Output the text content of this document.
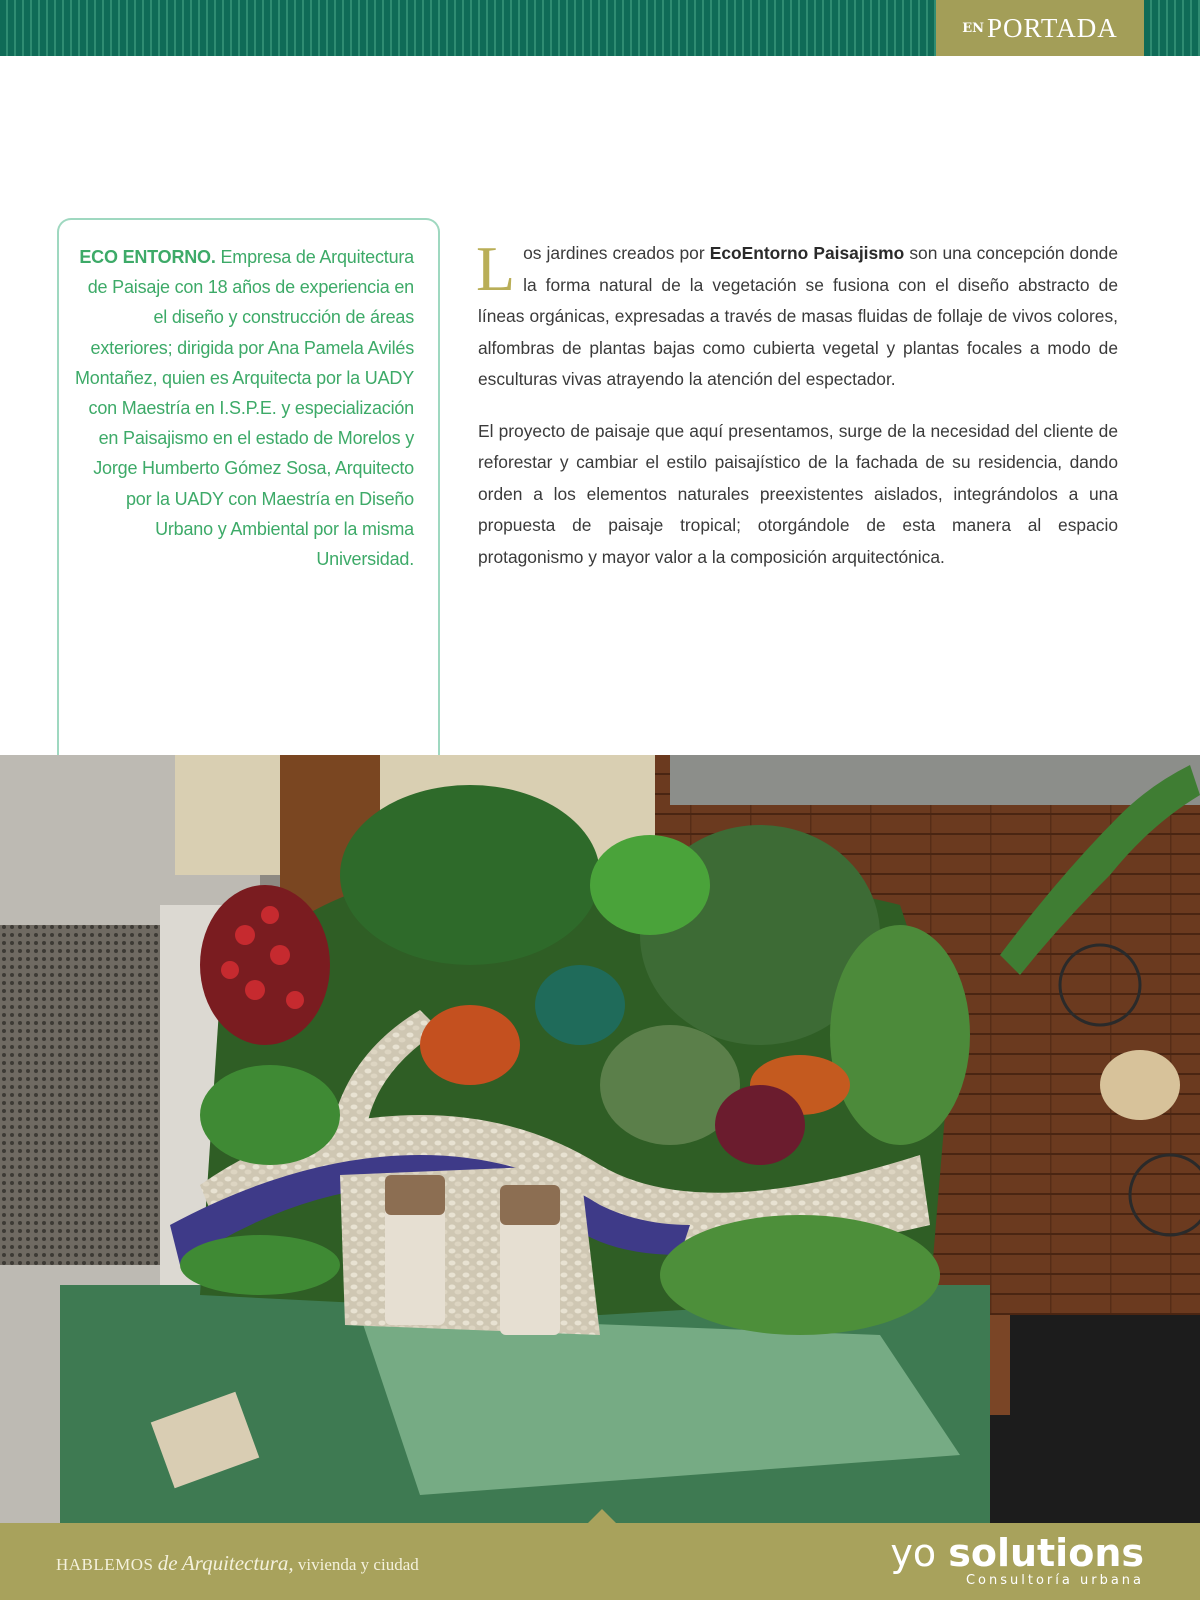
EN PORTADA
ECO ENTORNO. Empresa de Arquitectura de Paisaje con 18 años de experiencia en el diseño y construcción de áreas exteriores; dirigida por Ana Pamela Avilés Montañez, quien es Arquitecta por la UADY con Maestría en I.S.P.E. y especialización en Paisajismo en el estado de Morelos y Jorge Humberto Gómez Sosa, Arquitecto por la UADY con Maestría en Diseño Urbano y Ambiental por la misma Universidad.

Los jardines creados por EcoEntorno Paisajismo son una concepción donde la forma natural de la vegetación se fusiona con el diseño abstracto de líneas orgánicas, expresadas a través de masas fluidas de follaje de vivos colores, alfombras de plantas bajas como cubierta vegetal y plantas focales a modo de esculturas vivas atrayendo la atención del espectador.

El proyecto de paisaje que aquí presentamos, surge de la necesidad del cliente de reforestar y cambiar el estilo paisajístico de la fachada de su residencia, dando orden a los elementos naturales preexistentes aislados, integrándolos a una propuesta de paisaje tropical; otorgándole de esta manera al espacio protagonismo y mayor valor a la composición arquitectónica.

HABLEMOS de Arquitectura, vivienda y ciudad	yo solutions
Consultoría urbana
